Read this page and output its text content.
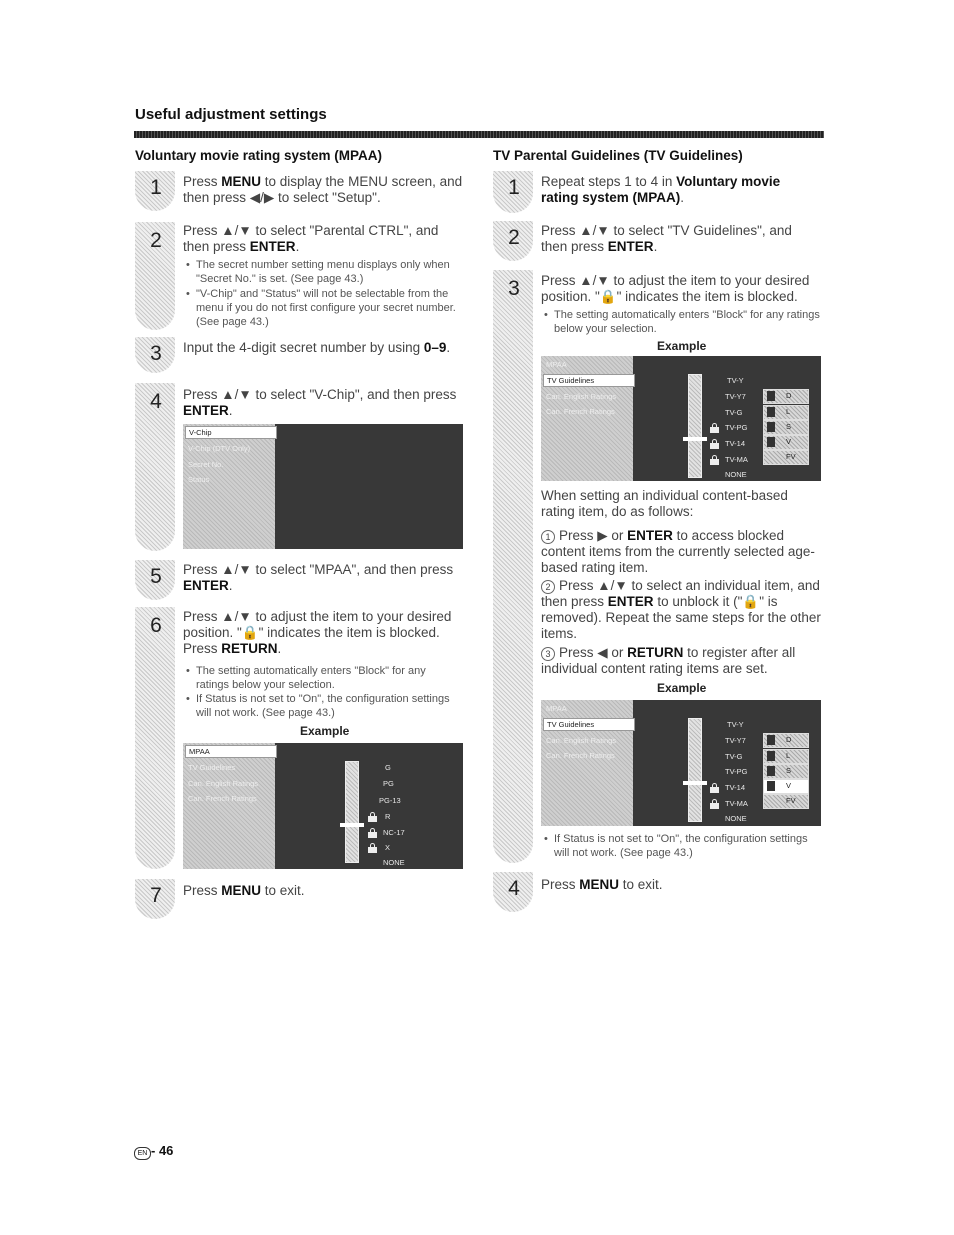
Useful adjustment settings
Voluntary movie rating system (MPAA)
1
2
3
4
5
6
7
Press MENU to display the MENU screen, and then press ◀/▶ to select "Setup".
Press ▲/▼ to select "Parental CTRL", and then press ENTER.
• The secret number setting menu displays only when "Secret No." is set. (See page 43.)
• "V-Chip" and "Status" will not be selectable from the menu if you do not first configure your secret number. (See page 43.)
Input the 4-digit secret number by using 0–9.
Press ▲/▼ to select "V-Chip", and then press ENTER.
V-Chip
V-Chip (DTV Only)
Secret No.
Status
Press ▲/▼ to select "MPAA", and then press ENTER.
Press ▲/▼ to adjust the item to your desired position. "🔒" indicates the item is blocked.
Press RETURN.
• The setting automatically enters "Block" for any ratings below your selection.
• If Status is not set to "On", the configuration settings will not work. (See page 43.)
Example
MPAA
TV Guidelines
Can. English Ratings
Can. French Ratings
G
PG
PG-13
R
NC-17
X
NONE
Press MENU to exit.
TV Parental Guidelines (TV Guidelines)
1
2
3
4
Repeat steps 1 to 4 in Voluntary movie rating system (MPAA).
Press ▲/▼ to select "TV Guidelines", and then press ENTER.
Press ▲/▼ to adjust the item to your desired position. "🔒" indicates the item is blocked.
• The setting automatically enters "Block" for any ratings below your selection.
Example
MPAA
TV Guidelines
Can. English Ratings
Can. French Ratings
TV-Y
TV-Y7
TV-G
TV-PG
TV-14
TV-MA
NONE
D
L
S
V
FV
When setting an individual content-based rating item, do as follows:
1 Press ▶ or ENTER to access blocked content items from the currently selected age-based rating item.
2 Press ▲/▼ to select an individual item, and then press ENTER to unblock it ("🔒" is removed). Repeat the same steps for the other items.
3 Press ◀ or RETURN to register after all individual content rating items are set.
Example
MPAA
TV Guidelines
Can. English Ratings
Can. French Ratings
TV-Y
TV-Y7
TV-G
TV-PG
TV-14
TV-MA
NONE
D
L
S
V
FV
• If Status is not set to "On", the configuration settings will not work. (See page 43.)
Press MENU to exit.
EN - 46
